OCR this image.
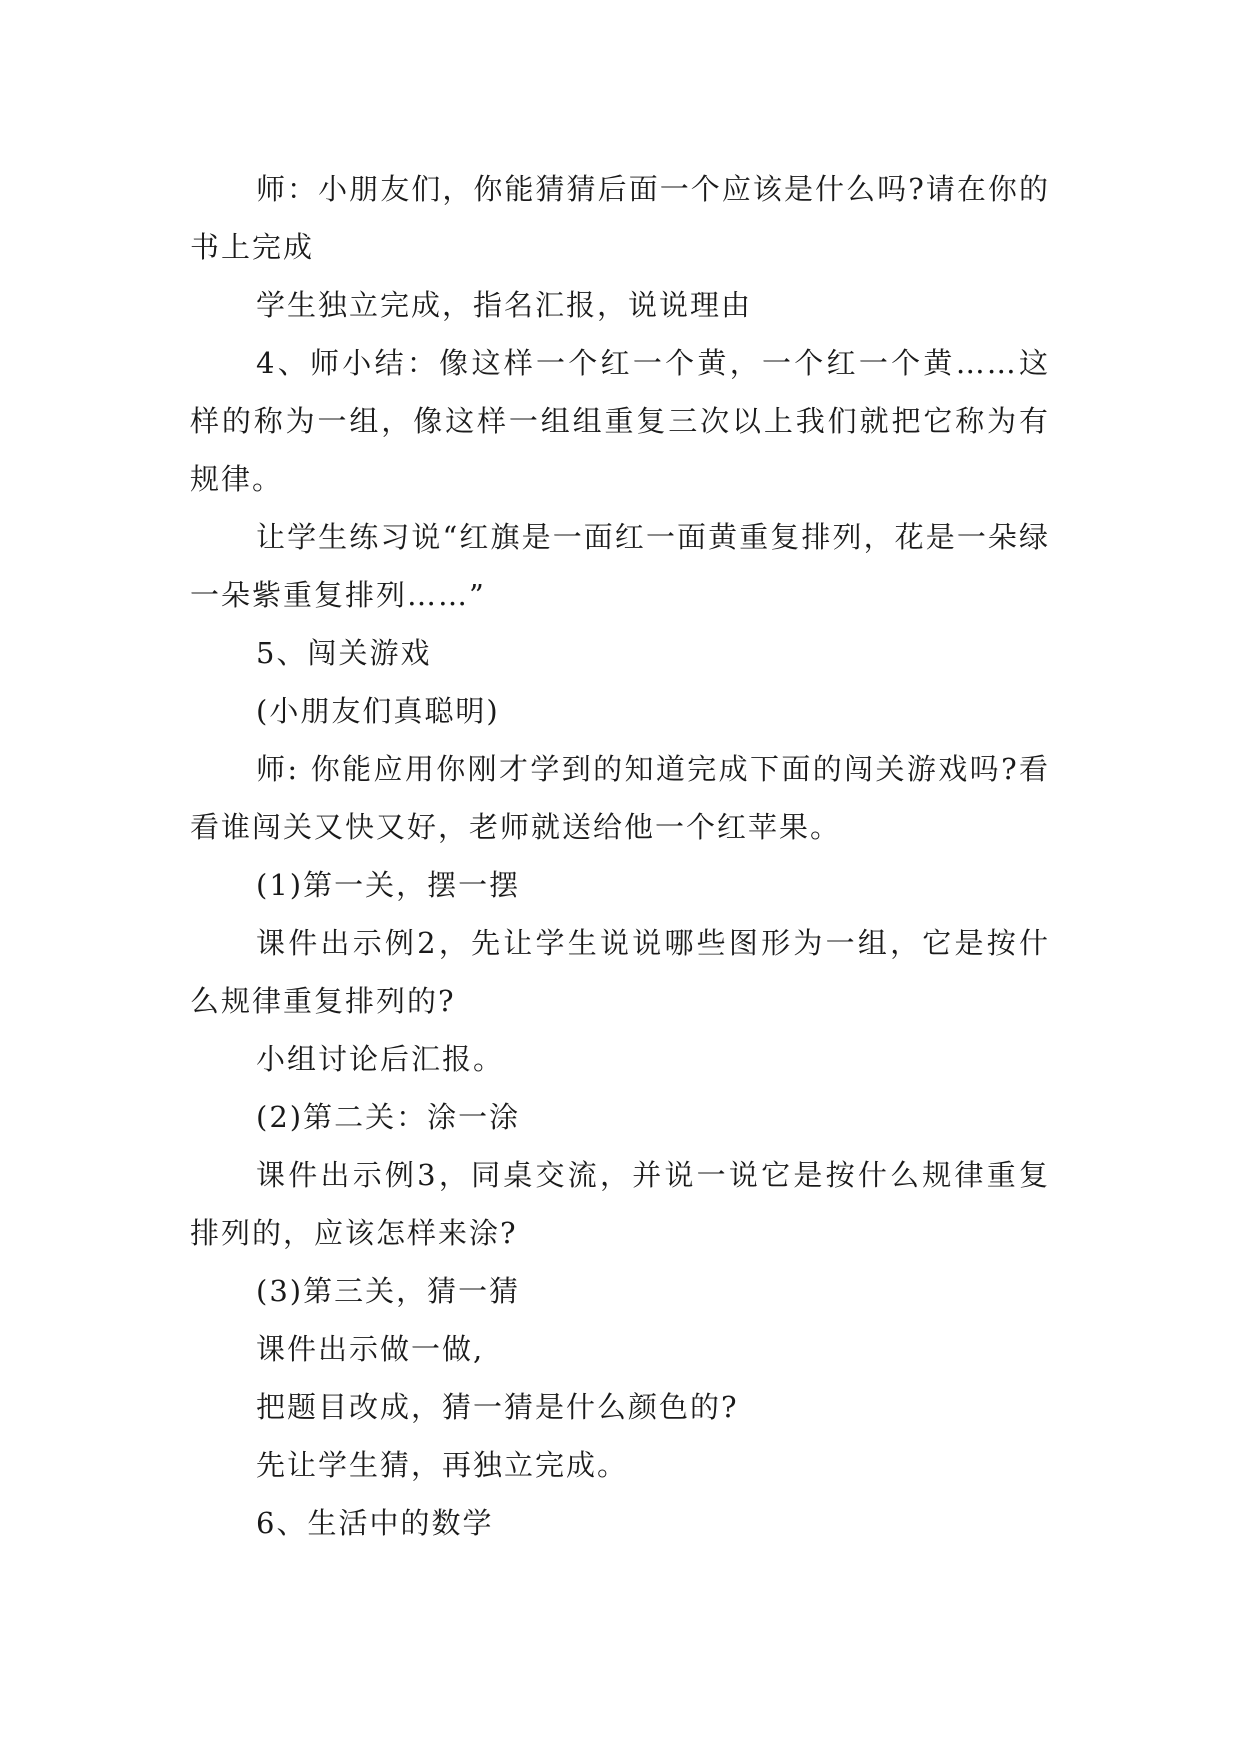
师：小朋友们，你能猜猜后面一个应该是什么吗?请在你的书上完成

学生独立完成，指名汇报，说说理由

4、师小结：像这样一个红一个黄，一个红一个黄……这样的称为一组，像这样一组组重复三次以上我们就把它称为有规律。

让学生练习说“红旗是一面红一面黄重复排列，花是一朵绿一朵紫重复排列……”

5、闯关游戏

(小朋友们真聪明)

师: 你能应用你刚才学到的知道完成下面的闯关游戏吗?看看谁闯关又快又好，老师就送给他一个红苹果。

(1)第一关，摆一摆

课件出示例2，先让学生说说哪些图形为一组，它是按什么规律重复排列的?

小组讨论后汇报。

(2)第二关：涂一涂

课件出示例3，同桌交流，并说一说它是按什么规律重复排列的，应该怎样来涂?

(3)第三关，猜一猜

课件出示做一做,

把题目改成，猜一猜是什么颜色的?

先让学生猜，再独立完成。

6、生活中的数学
